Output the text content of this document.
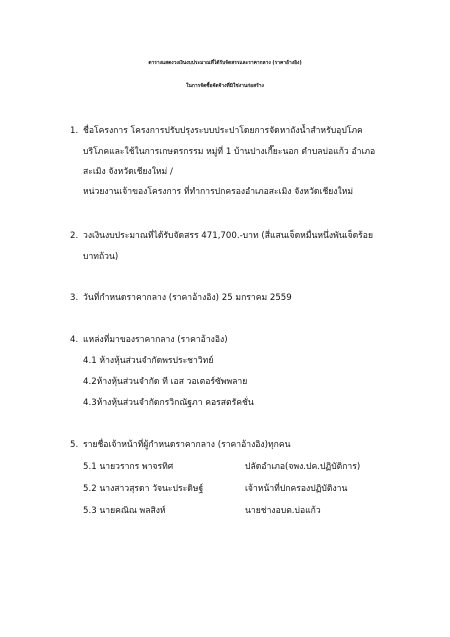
ตารางแสดงวงเงินงบประมาณที่ได้รับจัดสรรและราคากลาง (ราคาอ้างอิง)
ในการจัดซื้อจัดจ้างที่มิใช่งานก่อสร้าง
1. ชื่อโครงการ โครงการปรับปรุงระบบประปาโดยการจัดหาถังน้ำสำหรับอุปโภค
บริโภคและใช้ในการเกษตรกรรม หมู่ที่ 1 บ้านปางเกี๊ยะนอก ตำบลบ่อแก้ว อำเภอ
สะเมิง จังหวัดเชียงใหม่ /
หน่วยงานเจ้าของโครงการ ที่ทำการปกครองอำเภอสะเมิง จังหวัดเชียงใหม่
2. วงเงินงบประมาณที่ได้รับจัดสรร 471,700.-บาท (สี่แสนเจ็ดหมื่นหนึ่งพันเจ็ดร้อย
บาทถ้วน)
3. วันที่กำหนดราคากลาง (ราคาอ้างอิง) 25 มกราคม 2559
4. แหล่งที่มาของราคากลาง (ราคาอ้างอิง)
4.1 ห้างหุ้นส่วนจำกัดพรประชาวิทย์
4.2ห้างหุ้นส่วนจำกัด ที เอส วอเตอร์ซัพพลาย
4.3ห้างหุ้นส่วนจำกัดกรวิกณัฐภา คอรสตรัคชั่น
5. รายชื่อเจ้าหน้าที่ผู้กำหนดราคากลาง (ราคาอ้างอิง)ทุกคน
5.1 นายวรากร พาจรทิศ	ปลัดอำเภอ(จพง.ปค.ปฏิบัติการ)
5.2 นางสาวสุรดา วัจนะประดิษฐ์	เจ้าหน้าที่ปกครองปฏิบัติงาน
5.3 นายคณิณ พลสิงห์	นายช่างอบต.บ่อแก้ว
